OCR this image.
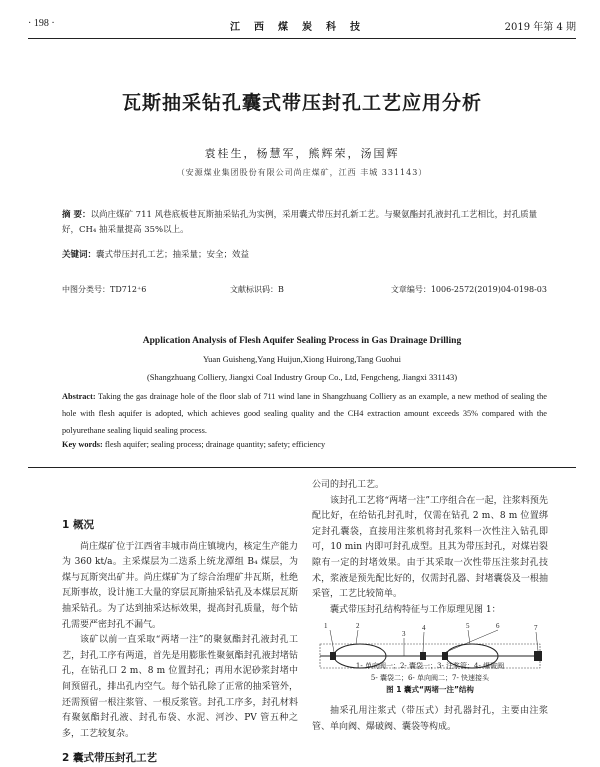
· 198 ·	江西煤炭科技	2019 年第 4 期
瓦斯抽采钻孔囊式带压封孔工艺应用分析
袁桂生，杨慧军，熊辉荣，汤国辉
（安源煤业集团股份有限公司尚庄煤矿，江西 丰城 331143）
摘 要：以尚庄煤矿 711 风巷底板巷瓦斯抽采钻孔为实例，采用囊式带压封孔新工艺。与聚氨酯封孔液封孔工艺相比，封孔质量好，CH₄ 抽采量提高 35%以上。
关键词：囊式带压封孔工艺；抽采量；安全；效益
中图分类号：TD712⁺6	文献标识码：B	文章编号：1006-2572(2019)04-0198-03
Application Analysis of Flesh Aquifer Sealing Process in Gas Drainage Drilling
Yuan Guisheng,Yang Huijun,Xiong Huirong,Tang Guohui
(Shangzhuang Colliery, Jiangxi Coal Industry Group Co., Ltd, Fengcheng, Jiangxi 331143)
Abstract: Taking the gas drainage hole of the floor slab of 711 wind lane in Shangzhuang Colliery as an example, a new method of sealing the hole with flesh aquifer is adopted, which achieves good sealing quality and the CH4 extraction amount exceeds 35% compared with the polyurethane sealing liquid sealing process.
Key words: flesh aquifer; sealing process; drainage quantity; safety; efficiency
1 概况

尚庄煤矿位于江西省丰城市尚庄镇境内，核定生产能力为 360 kt/a。主采煤层为二迭系上统龙潭组 B₄ 煤层，为煤与瓦斯突出矿井。尚庄煤矿为了综合治理矿井瓦斯，杜绝瓦斯事故，设计施工大量的穿层瓦斯抽采钻孔及本煤层瓦斯抽采钻孔。为了达到抽采达标效果，提高封孔质量，每个钻孔需要严密封孔不漏气。

该矿以前一直采取“两堵一注”的聚氨酯封孔液封孔工艺，封孔工序有两道，首先是用膨胀性聚氨酯封孔液封堵钻孔，在钻孔口 2 m、8 m 位置封孔；再用水泥砂浆封堵中间预留孔，排出孔内空气。每个钻孔除了正常的抽采管外，还需预留一根注浆管、一根反浆管。封孔工序多，封孔材料有聚氨酯封孔液、封孔布袋、水泥、河沙、PV 管五种之多，工艺较复杂。

2 囊式带压封孔工艺
公司的封孔工艺。

该封孔工艺将“两堵一注”工序组合在一起，注浆料预先配比好，在给钻孔封孔时，仅需在钻孔 2 m、8 m 位置绑定封孔囊袋，直接用注浆机将封孔浆料一次性注入钻孔即可，10 min 内即可封孔成型。且其为带压封孔，对煤岩裂隙有一定的封堵效果。由于其采取一次性带压注浆封孔技术，浆液是预先配比好的，仅需封孔器、封堵囊袋及一根抽采管，工艺比较简单。

囊式带压封孔结构特征与工作原理见图 1：

1	2
3
4	5	6	7
1- 单向阀一；2- 囊袋一；3- 注浆管；4- 爆破阀
5- 囊袋二；6- 单向阀二；7- 快速接头
图 1 囊式“两堵一注”结构

抽采孔用注浆式（带压式）封孔器封孔，主要由注浆管、单向阀、爆破阀、囊袋等构成。
